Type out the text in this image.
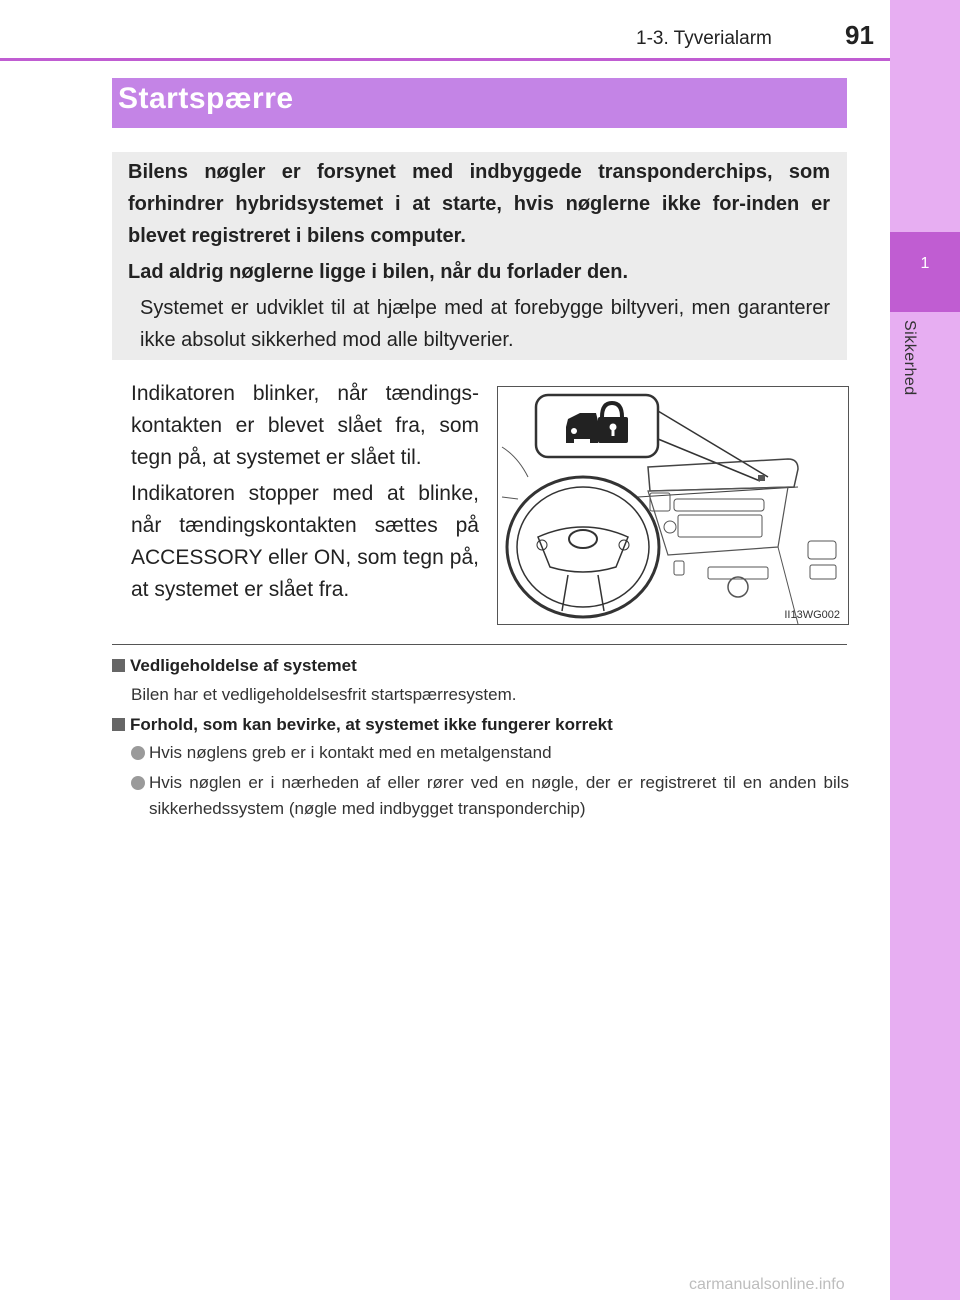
1-3. Tyverialarm	91
1
Sikkerhed
Startspærre
Bilens nøgler er forsynet med indbyggede transponderchips, som forhindrer hybridsystemet i at starte, hvis nøglerne ikke for-inden er blevet registreret i bilens computer.
Lad aldrig nøglerne ligge i bilen, når du forlader den.
Systemet er udviklet til at hjælpe med at forebygge biltyveri, men garanterer ikke absolut sikkerhed mod alle biltyverier.
Indikatoren blinker, når tændings-kontakten er blevet slået fra, som tegn på, at systemet er slået til.
Indikatoren stopper med at blinke, når tændingskontakten sættes på ACCESSORY eller ON, som tegn på, at systemet er slået fra.
II13WG002
Vedligeholdelse af systemet
Bilen har et vedligeholdelsesfrit startspærresystem.
Forhold, som kan bevirke, at systemet ikke fungerer korrekt
Hvis nøglens greb er i kontakt med en metalgenstand
Hvis nøglen er i nærheden af eller rører ved en nøgle, der er registreret til en anden bils sikkerhedssystem (nøgle med indbygget transponderchip)
carmanualsonline.info
